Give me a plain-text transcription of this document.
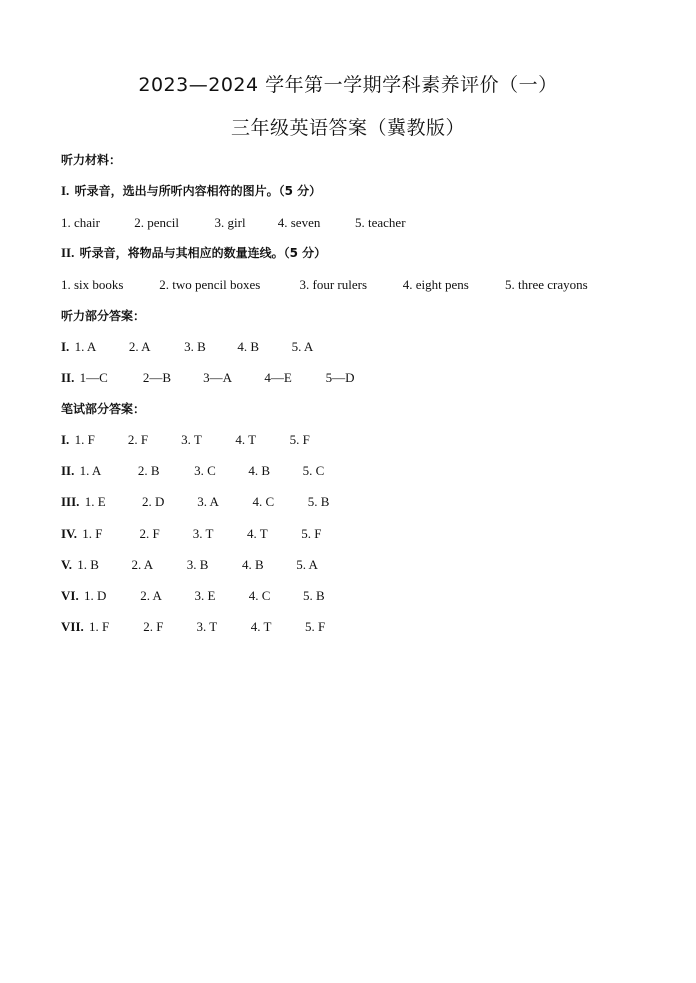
2023—2024 学年第一学期学科素养评价（一）
三年级英语答案（冀教版）
听力材料：
I. 听录音，选出与所听内容相符的图片。（5 分）
1. chair	2. pencil	3. girl 4. seven	5. teacher
II. 听录音，将物品与其相应的数量连线。（5 分）
1. six books	2. two pencil boxes	3. four rulers	4. eight pens	5. three crayons
听力部分答案：
I. 1. A	2. A	3. B 4. B	5. A
II. 1—C	2—B 3—A 4—E	5—D
笔试部分答案：
I. 1. F	2. F	3. T	4. T	5. F
II. 1. A	2. B	3. C	4. B	5. C
III. 1. E	2. D	3. A	4. C	5. B
IV. 1. F	2. F	3. T	4. T	5. F
V. 1. B	2. A	3. B	4. B	5. A
VI. 1. D	2. A	3. E	4. C	5. B
VII. 1. F	2. F	3. T	4. T	5. F
